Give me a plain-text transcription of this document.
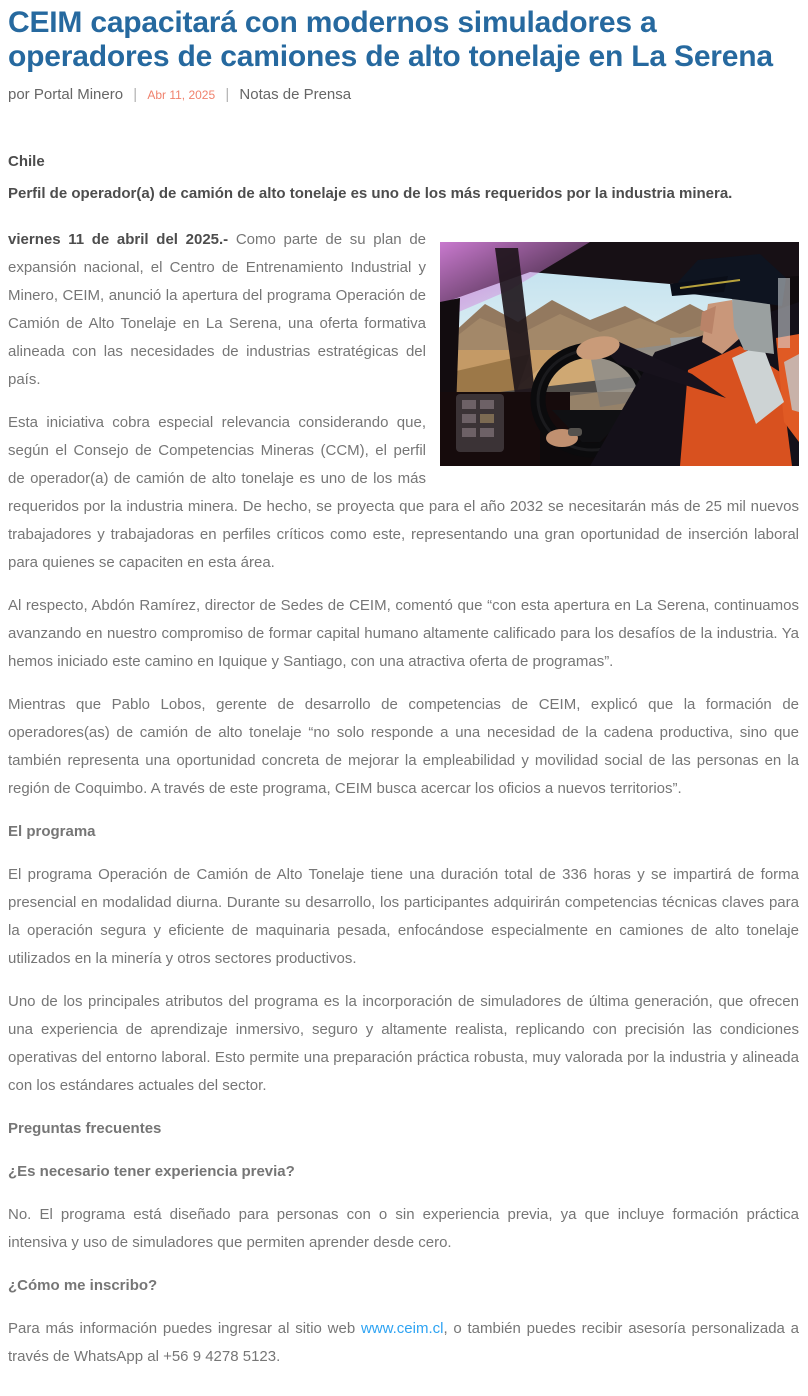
CEIM capacitará con modernos simuladores a operadores de camiones de alto tonelaje en La Serena

por Portal Minero | Abr 11, 2025 | Notas de Prensa

Chile

Perfil de operador(a) de camión de alto tonelaje es uno de los más requeridos por la industria minera.

viernes 11 de abril del 2025.- Como parte de su plan de expansión nacional, el Centro de Entrenamiento Industrial y Minero, CEIM, anunció la apertura del programa Operación de Camión de Alto Tonelaje en La Serena, una oferta formativa alineada con las necesidades de industrias estratégicas del país.

Esta iniciativa cobra especial relevancia considerando que, según el Consejo de Competencias Mineras (CCM), el perfil de operador(a) de camión de alto tonelaje es uno de los más requeridos por la industria minera. De hecho, se proyecta que para el año 2032 se necesitarán más de 25 mil nuevos trabajadores y trabajadoras en perfiles críticos como este, representando una gran oportunidad de inserción laboral para quienes se capaciten en esta área.

Al respecto, Abdón Ramírez, director de Sedes de CEIM, comentó que “con esta apertura en La Serena, continuamos avanzando en nuestro compromiso de formar capital humano altamente calificado para los desafíos de la industria. Ya hemos iniciado este camino en Iquique y Santiago, con una atractiva oferta de programas”.

Mientras que Pablo Lobos, gerente de desarrollo de competencias de CEIM, explicó que la formación de operadores(as) de camión de alto tonelaje “no solo responde a una necesidad de la cadena productiva, sino que también representa una oportunidad concreta de mejorar la empleabilidad y movilidad social de las personas en la región de Coquimbo. A través de este programa, CEIM busca acercar los oficios a nuevos territorios”.

El programa

El programa Operación de Camión de Alto Tonelaje tiene una duración total de 336 horas y se impartirá de forma presencial en modalidad diurna. Durante su desarrollo, los participantes adquirirán competencias técnicas claves para la operación segura y eficiente de maquinaria pesada, enfocándose especialmente en camiones de alto tonelaje utilizados en la minería y otros sectores productivos.

Uno de los principales atributos del programa es la incorporación de simuladores de última generación, que ofrecen una experiencia de aprendizaje inmersivo, seguro y altamente realista, replicando con precisión las condiciones operativas del entorno laboral. Esto permite una preparación práctica robusta, muy valorada por la industria y alineada con los estándares actuales del sector.

Preguntas frecuentes

¿Es necesario tener experiencia previa?

No. El programa está diseñado para personas con o sin experiencia previa, ya que incluye formación práctica intensiva y uso de simuladores que permiten aprender desde cero.

¿Cómo me inscribo?

Para más información puedes ingresar al sitio web www.ceim.cl, o también puedes recibir asesoría personalizada a través de WhatsApp al +56 9 4278 5123.
